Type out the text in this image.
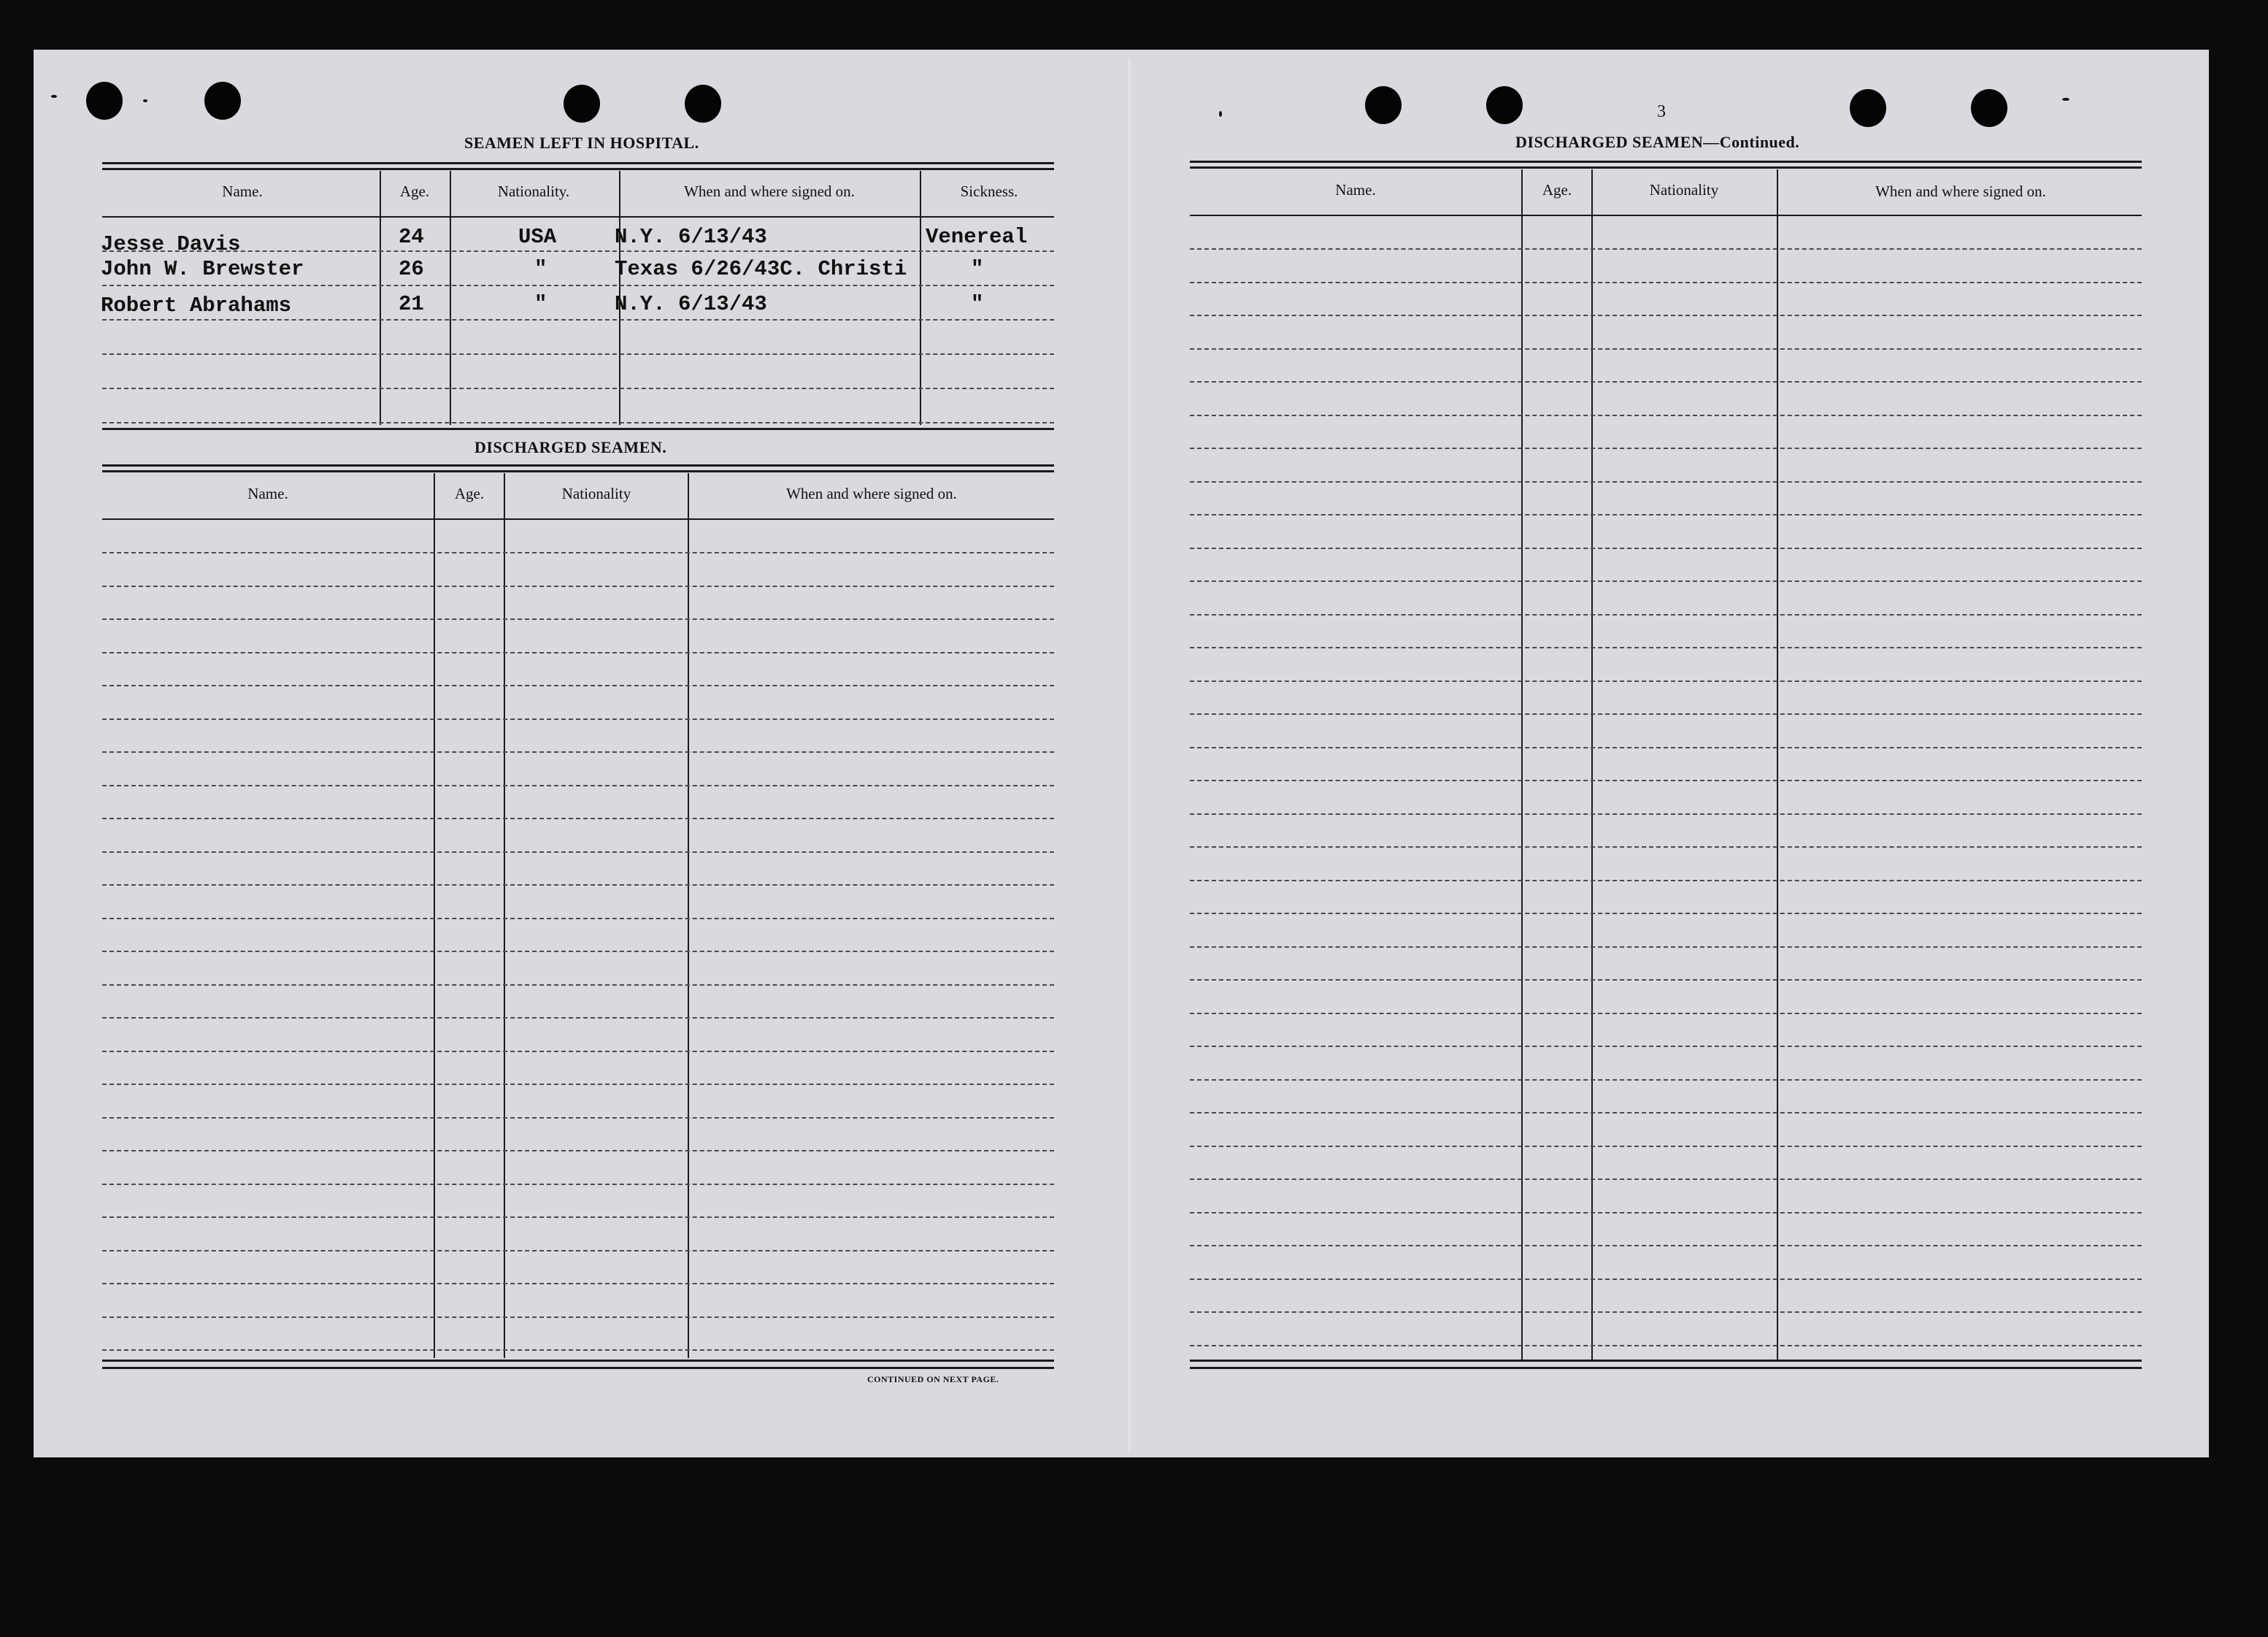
SEAMEN LEFT IN HOSPITAL.
Name.	Age.	Nationality.	When and where signed on.	Sickness.
Jesse Davis	24	USA	N.Y. 6/13/43	Venereal
John W. Brewster	26	"	Texas 6/26/43C. Christi	"
Robert Abrahams	21	"	N.Y. 6/13/43	"
DISCHARGED SEAMEN.
Name.	Age.	Nationality	When and where signed on.
CONTINUED ON NEXT PAGE.
3
DISCHARGED SEAMEN—Continued.
Name.	Age.	Nationality	When and where signed on.
